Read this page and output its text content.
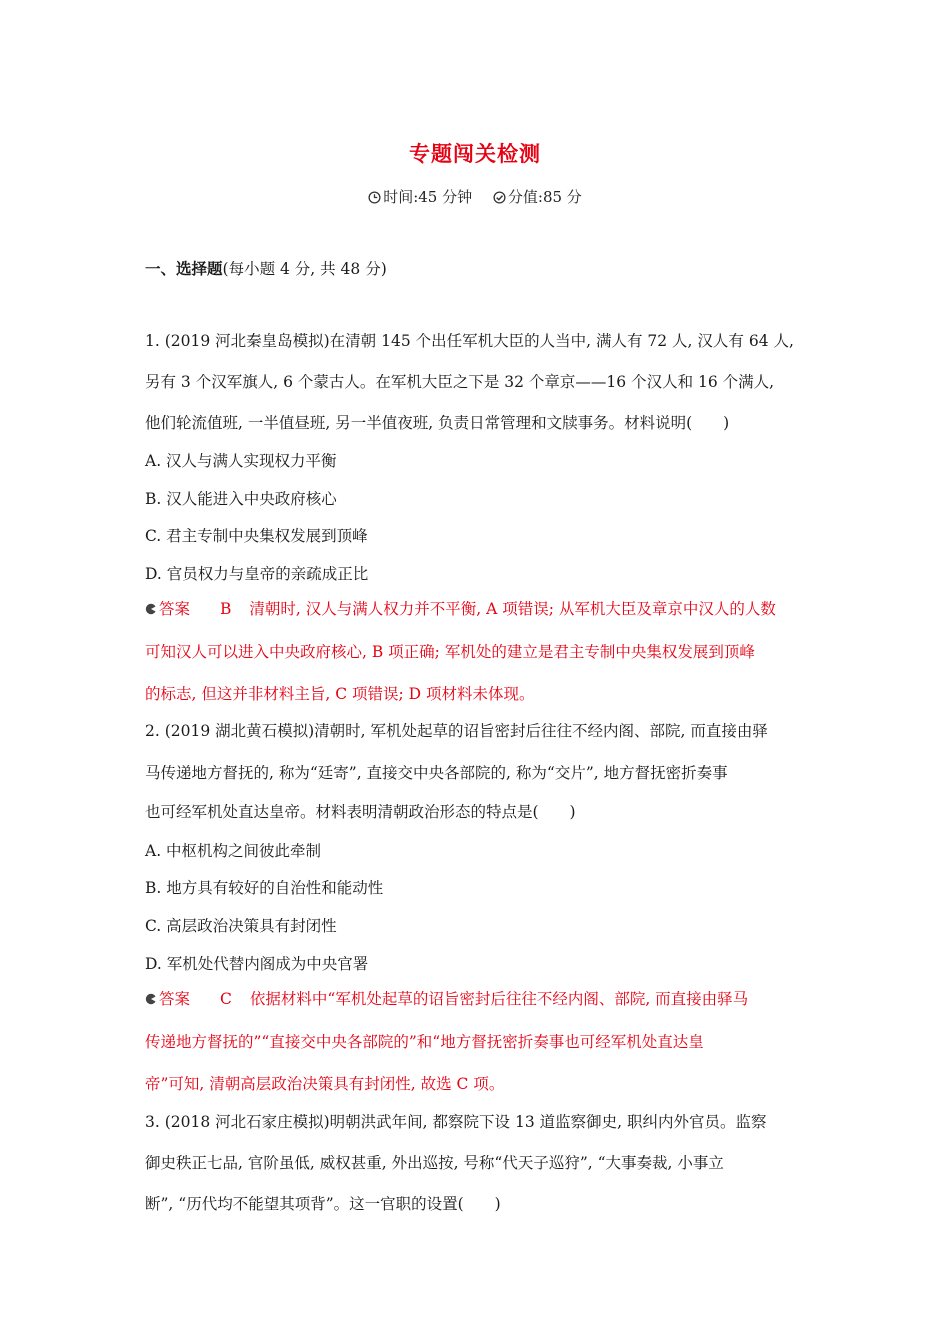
专题闯关检测
时间:45 分钟 分值:85 分
一、选择题(每小题 4 分, 共 48 分)
1. (2019 河北秦皇岛模拟)在清朝 145 个出任军机大臣的人当中, 满人有 72 人, 汉人有 64 人,
另有 3 个汉军旗人, 6 个蒙古人。在军机大臣之下是 32 个章京——16 个汉人和 16 个满人,
他们轮流值班, 一半值昼班, 另一半值夜班, 负责日常管理和文牍事务。材料说明(　　)
A. 汉人与满人实现权力平衡
B. 汉人能进入中央政府核心
C. 君主专制中央集权发展到顶峰
D. 官员权力与皇帝的亲疏成正比
答案 B 清朝时, 汉人与满人权力并不平衡, A 项错误; 从军机大臣及章京中汉人的人数
可知汉人可以进入中央政府核心, B 项正确; 军机处的建立是君主专制中央集权发展到顶峰
的标志, 但这并非材料主旨, C 项错误; D 项材料未体现。
2. (2019 湖北黄石模拟)清朝时, 军机处起草的诏旨密封后往往不经内阁、部院, 而直接由驿
马传递地方督抚的, 称为“廷寄”, 直接交中央各部院的, 称为“交片”, 地方督抚密折奏事
也可经军机处直达皇帝。材料表明清朝政治形态的特点是(　　)
A. 中枢机构之间彼此牵制
B. 地方具有较好的自治性和能动性
C. 高层政治决策具有封闭性
D. 军机处代替内阁成为中央官署
答案 C 依据材料中“军机处起草的诏旨密封后往往不经内阁、部院, 而直接由驿马
传递地方督抚的”“直接交中央各部院的”和“地方督抚密折奏事也可经军机处直达皇
帝”可知, 清朝高层政治决策具有封闭性, 故选 C 项。
3. (2018 河北石家庄模拟)明朝洪武年间, 都察院下设 13 道监察御史, 职纠内外官员。监察
御史秩正七品, 官阶虽低, 威权甚重, 外出巡按, 号称“代天子巡狩”, “大事奏裁, 小事立
断”, “历代均不能望其项背”。这一官职的设置(　　)
